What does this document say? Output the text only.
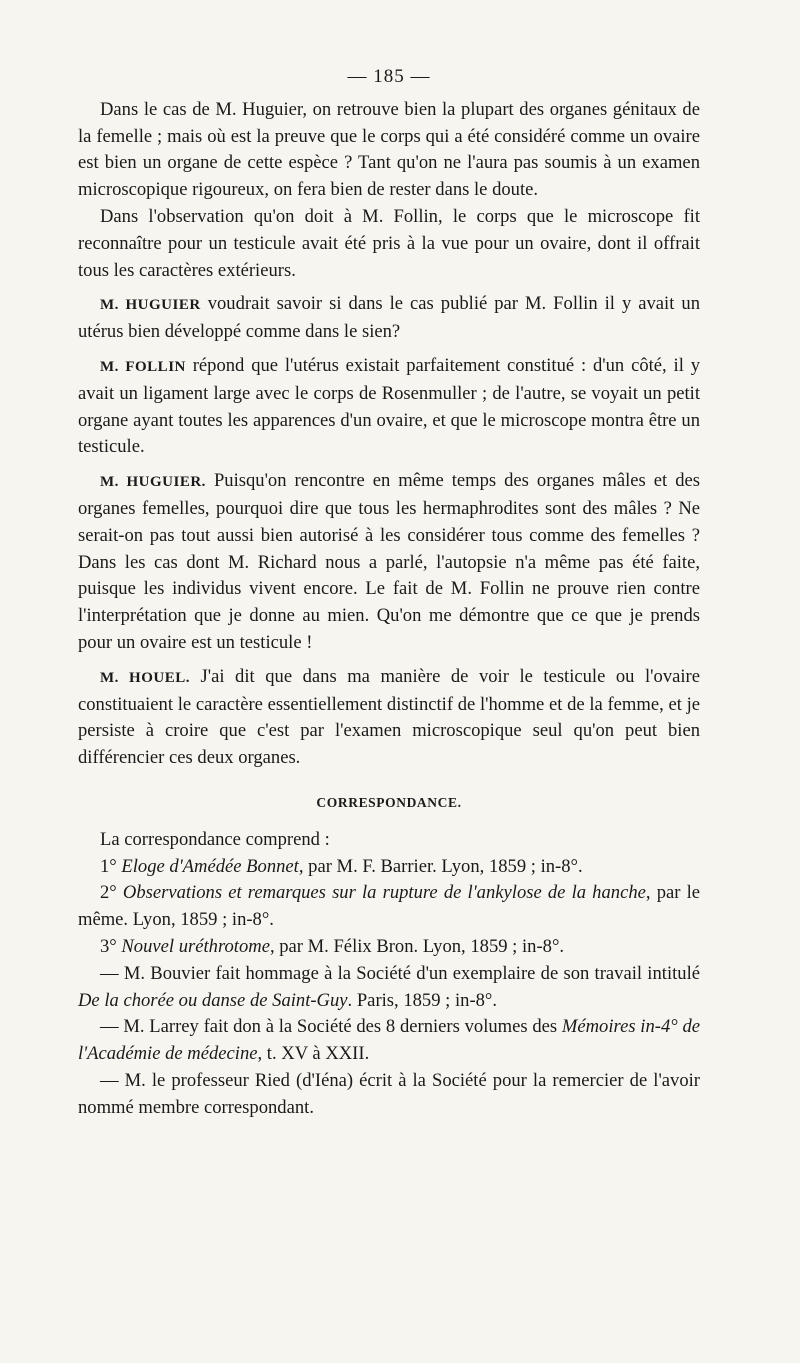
— 185 —

Dans le cas de M. Huguier, on retrouve bien la plupart des organes génitaux de la femelle ; mais où est la preuve que le corps qui a été considéré comme un ovaire est bien un organe de cette espèce ? Tant qu'on ne l'aura pas soumis à un examen microscopique rigoureux, on fera bien de rester dans le doute.

Dans l'observation qu'on doit à M. Follin, le corps que le microscope fit reconnaître pour un testicule avait été pris à la vue pour un ovaire, dont il offrait tous les caractères extérieurs.

M. HUGUIER voudrait savoir si dans le cas publié par M. Follin il y avait un utérus bien développé comme dans le sien?

M. FOLLIN répond que l'utérus existait parfaitement constitué : d'un côté, il y avait un ligament large avec le corps de Rosenmuller ; de l'autre, se voyait un petit organe ayant toutes les apparences d'un ovaire, et que le microscope montra être un testicule.

M. HUGUIER. Puisqu'on rencontre en même temps des organes mâles et des organes femelles, pourquoi dire que tous les hermaphrodites sont des mâles ? Ne serait-on pas tout aussi bien autorisé à les considérer tous comme des femelles ? Dans les cas dont M. Richard nous a parlé, l'autopsie n'a même pas été faite, puisque les individus vivent encore. Le fait de M. Follin ne prouve rien contre l'interprétation que je donne au mien. Qu'on me démontre que ce que je prends pour un ovaire est un testicule !

M. HOUEL. J'ai dit que dans ma manière de voir le testicule ou l'ovaire constituaient le caractère essentiellement distinctif de l'homme et de la femme, et je persiste à croire que c'est par l'examen microscopique seul qu'on peut bien différencier ces deux organes.

CORRESPONDANCE.

La correspondance comprend :

1° Eloge d'Amédée Bonnet, par M. F. Barrier. Lyon, 1859 ; in-8°.

2° Observations et remarques sur la rupture de l'ankylose de la hanche, par le même. Lyon, 1859 ; in-8°.

3° Nouvel uréthrotome, par M. Félix Bron. Lyon, 1859 ; in-8°.

— M. Bouvier fait hommage à la Société d'un exemplaire de son travail intitulé De la chorée ou danse de Saint-Guy. Paris, 1859 ; in-8°.

— M. Larrey fait don à la Société des 8 derniers volumes des Mémoires in-4° de l'Académie de médecine, t. XV à XXII.

— M. le professeur Ried (d'Iéna) écrit à la Société pour la remercier de l'avoir nommé membre correspondant.
